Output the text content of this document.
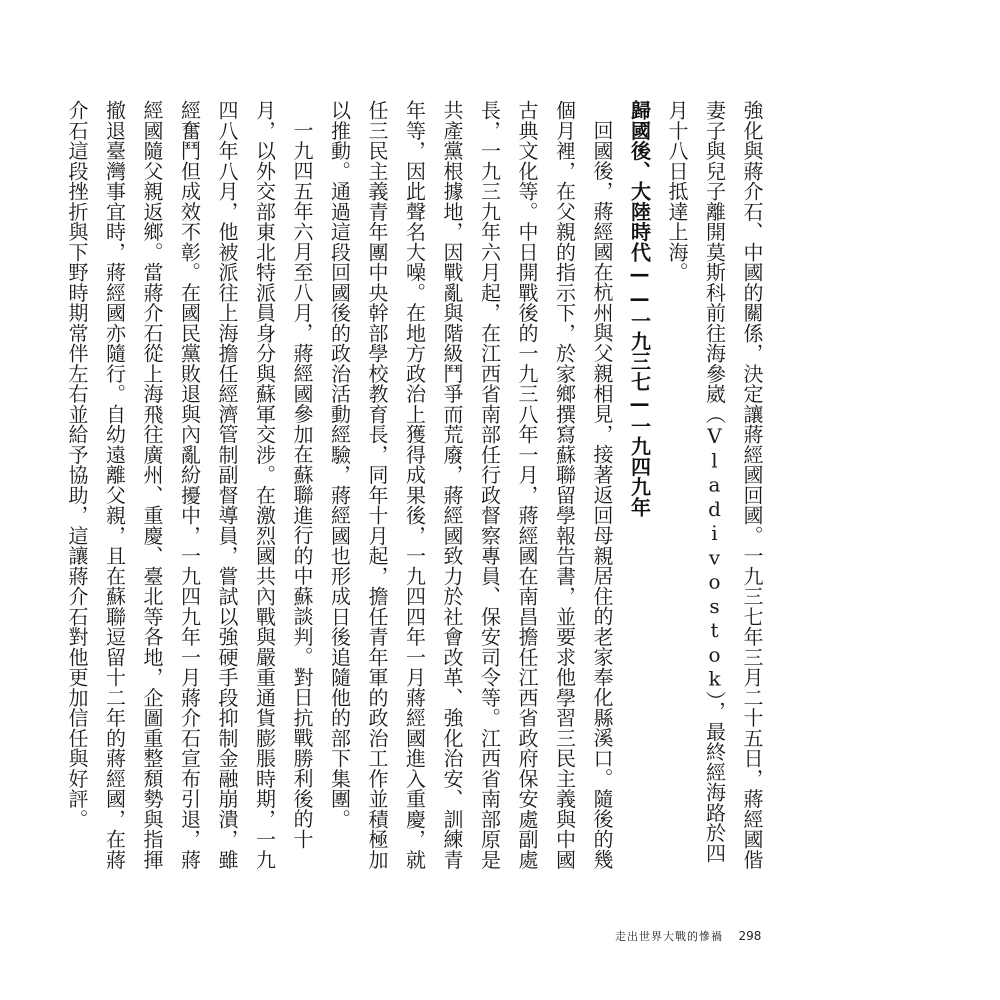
強化與蔣介石、中國的關係，決定讓蔣經國回國。一九三七年三月二十五日，蔣經國偕妻子與兒子離開莫斯科前往海參崴（Vladivostok），最終經海路於四月十八日抵達上海。

歸國後、大陸時代——一九三七—一九四九年

回國後，蔣經國在杭州與父親相見，接著返回母親居住的老家奉化縣溪口。隨後的幾個月裡，在父親的指示下，於家鄉撰寫蘇聯留學報告書，並要求他學習三民主義與中國古典文化等。中日開戰後的一九三八年一月，蔣經國在南昌擔任江西省政府保安處副處長，一九三九年六月起，在江西省南部任行政督察專員、保安司令等。江西省南部原是共產黨根據地，因戰亂與階級鬥爭而荒廢，蔣經國致力於社會改革、強化治安、訓練青年等，因此聲名大噪。在地方政治上獲得成果後，一九四四年一月蔣經國進入重慶，就任三民主義青年團中央幹部學校教育長，同年十月起，擔任青年軍的政治工作並積極加以推動。通過這段回國後的政治活動經驗，蔣經國也形成日後追隨他的部下集團。

一九四五年六月至八月，蔣經國參加在蘇聯進行的中蘇談判。對日抗戰勝利後的十月，以外交部東北特派員身分與蘇軍交涉。在激烈國共內戰與嚴重通貨膨脹時期，一九四八年八月，他被派往上海擔任經濟管制副督導員，嘗試以強硬手段抑制金融崩潰，雖經奮鬥但成效不彰。在國民黨敗退與內亂紛擾中，一九四九年一月蔣介石宣布引退，蔣經國隨父親返鄉。當蔣介石從上海飛往廣州、重慶、臺北等各地，企圖重整頹勢與指揮撤退臺灣事宜時，蔣經國亦隨行。自幼遠離父親，且在蘇聯逗留十二年的蔣經國，在蔣介石這段挫折與下野時期常伴左右並給予協助，這讓蔣介石對他更加信任與好評。

走出世界大戰的慘禍 298
